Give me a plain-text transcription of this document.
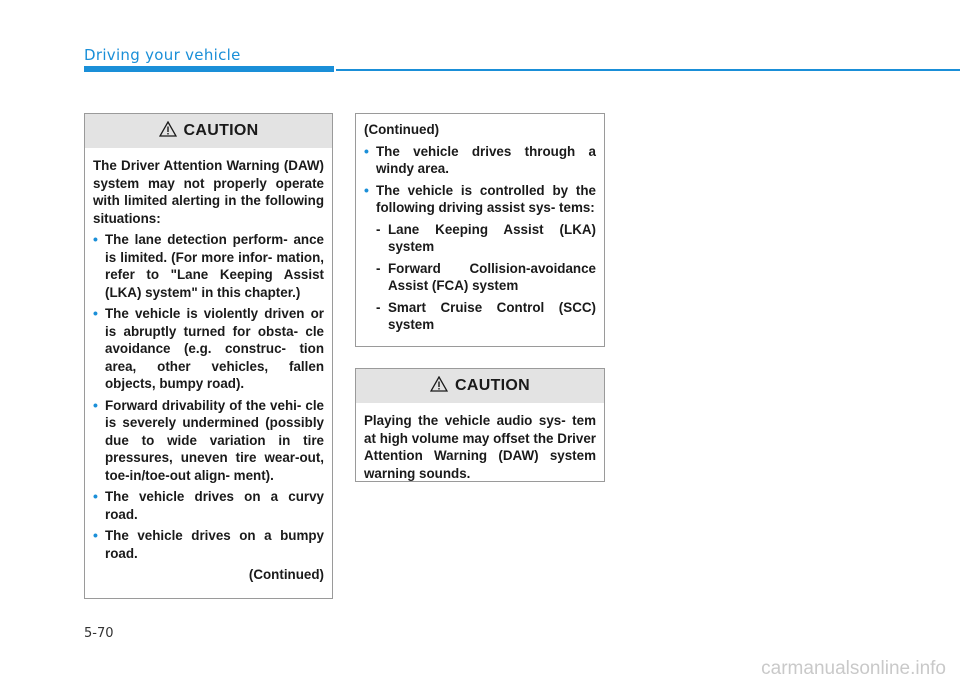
Driving your vehicle
CAUTION

The Driver Attention Warning (DAW) system may not properly operate with limited alerting in the following situations:

• The lane detection perform- ance is limited. (For more infor- mation, refer to "Lane Keeping Assist (LKA) system" in this chapter.)
• The vehicle is violently driven or is abruptly turned for obsta- cle avoidance (e.g. construc- tion area, other vehicles, fallen objects, bumpy road).
• Forward drivability of the vehi- cle is severely undermined (possibly due to wide variation in tire pressures, uneven tire wear-out, toe-in/toe-out align- ment).
• The vehicle drives on a curvy road.
• The vehicle drives on a bumpy road.

(Continued)

(Continued)

• The vehicle drives through a windy area.
• The vehicle is controlled by the following driving assist sys- tems:
- Lane Keeping Assist (LKA) system
- Forward Collision-avoidance Assist (FCA) system
- Smart Cruise Control (SCC) system
CAUTION

Playing the vehicle audio sys- tem at high volume may offset the Driver Attention Warning (DAW) system warning sounds.

5-70
carmanualsonline.info
